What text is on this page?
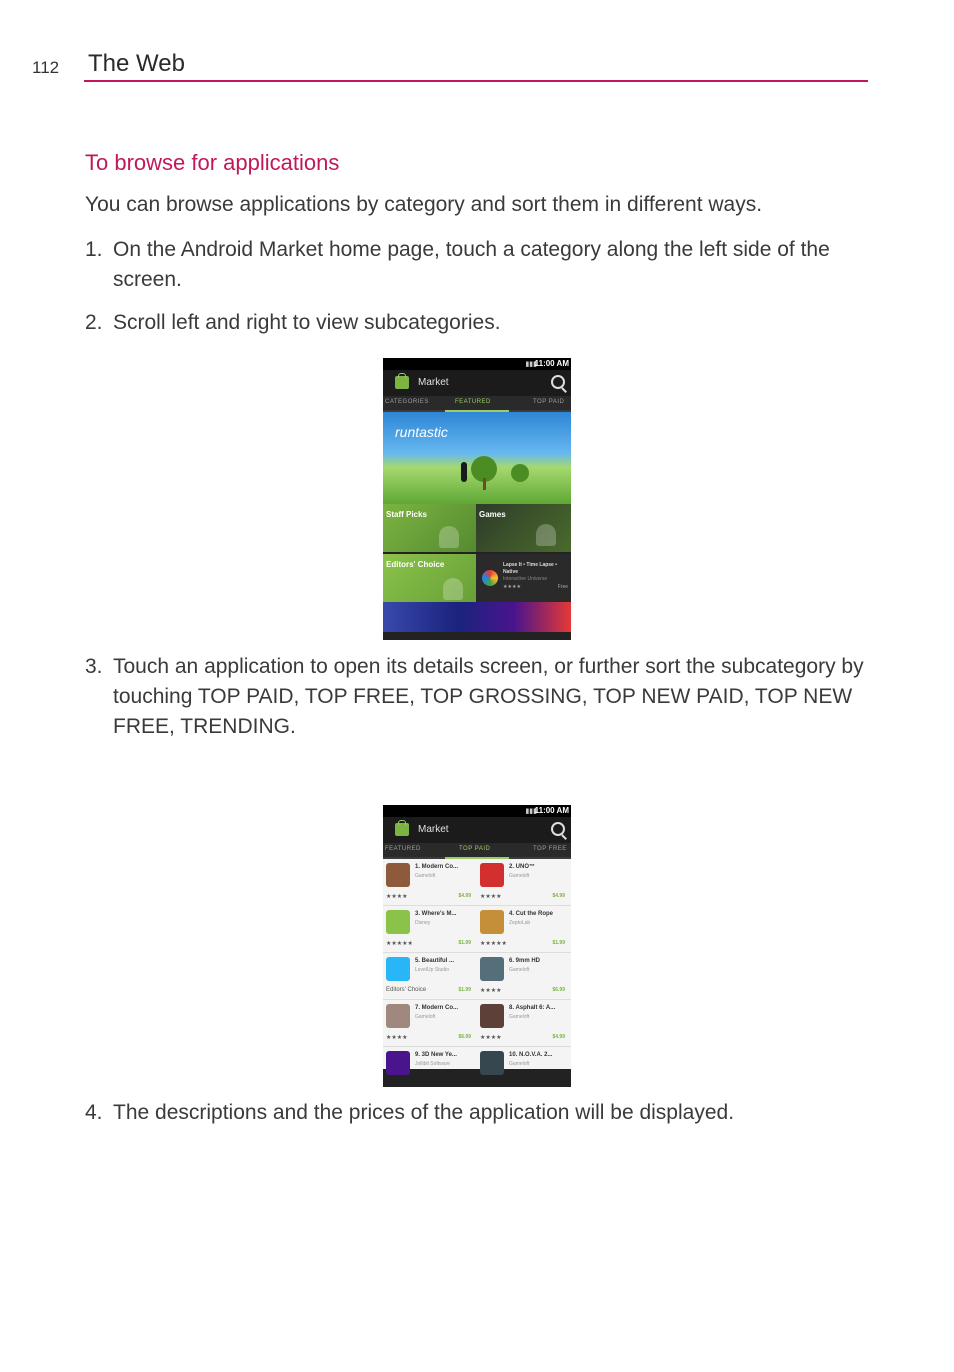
112 The Web
To browse for applications
You can browse applications by category and sort them in different ways.
1. On the Android Market home page, touch a category along the left side of the screen.
2. Scroll left and right to view subcategories.
▮▮▮
11:00 AM
Market
CATEGORIES	FEATURED	TOP PAID
runtastic
Staff Picks	Games
Editors' Choice	Lapse It • Time Lapse • Native
Interactive Universe
★★★★	Free
3. Touch an application to open its details screen, or further sort the subcategory by touching TOP PAID, TOP FREE, TOP GROSSING, TOP NEW PAID, TOP NEW FREE, TRENDING.
▮▮▮
11:00 AM
Market
FEATURED	TOP PAID	TOP FREE
1. Modern Co...
Gameloft
★★★★	$4.99
2. UNO™
Gameloft
★★★★	$4.99
3. Where's M...
Disney
★★★★★	$1.99
4. Cut the Rope
ZeptoLab
★★★★★	$1.99
5. Beautiful ...
LevelUp Studio
Editors' Choice	$1.99
6. 9mm HD
Gameloft
★★★★	$6.99
7. Modern Co...
Gameloft
★★★★	$6.99
8. Asphalt 6: A...
Gameloft
★★★★	$4.99
9. 3D New Ye...
Jollibit Software
10. N.O.V.A. 2...
Gameloft
4. The descriptions and the prices of the application will be displayed.
